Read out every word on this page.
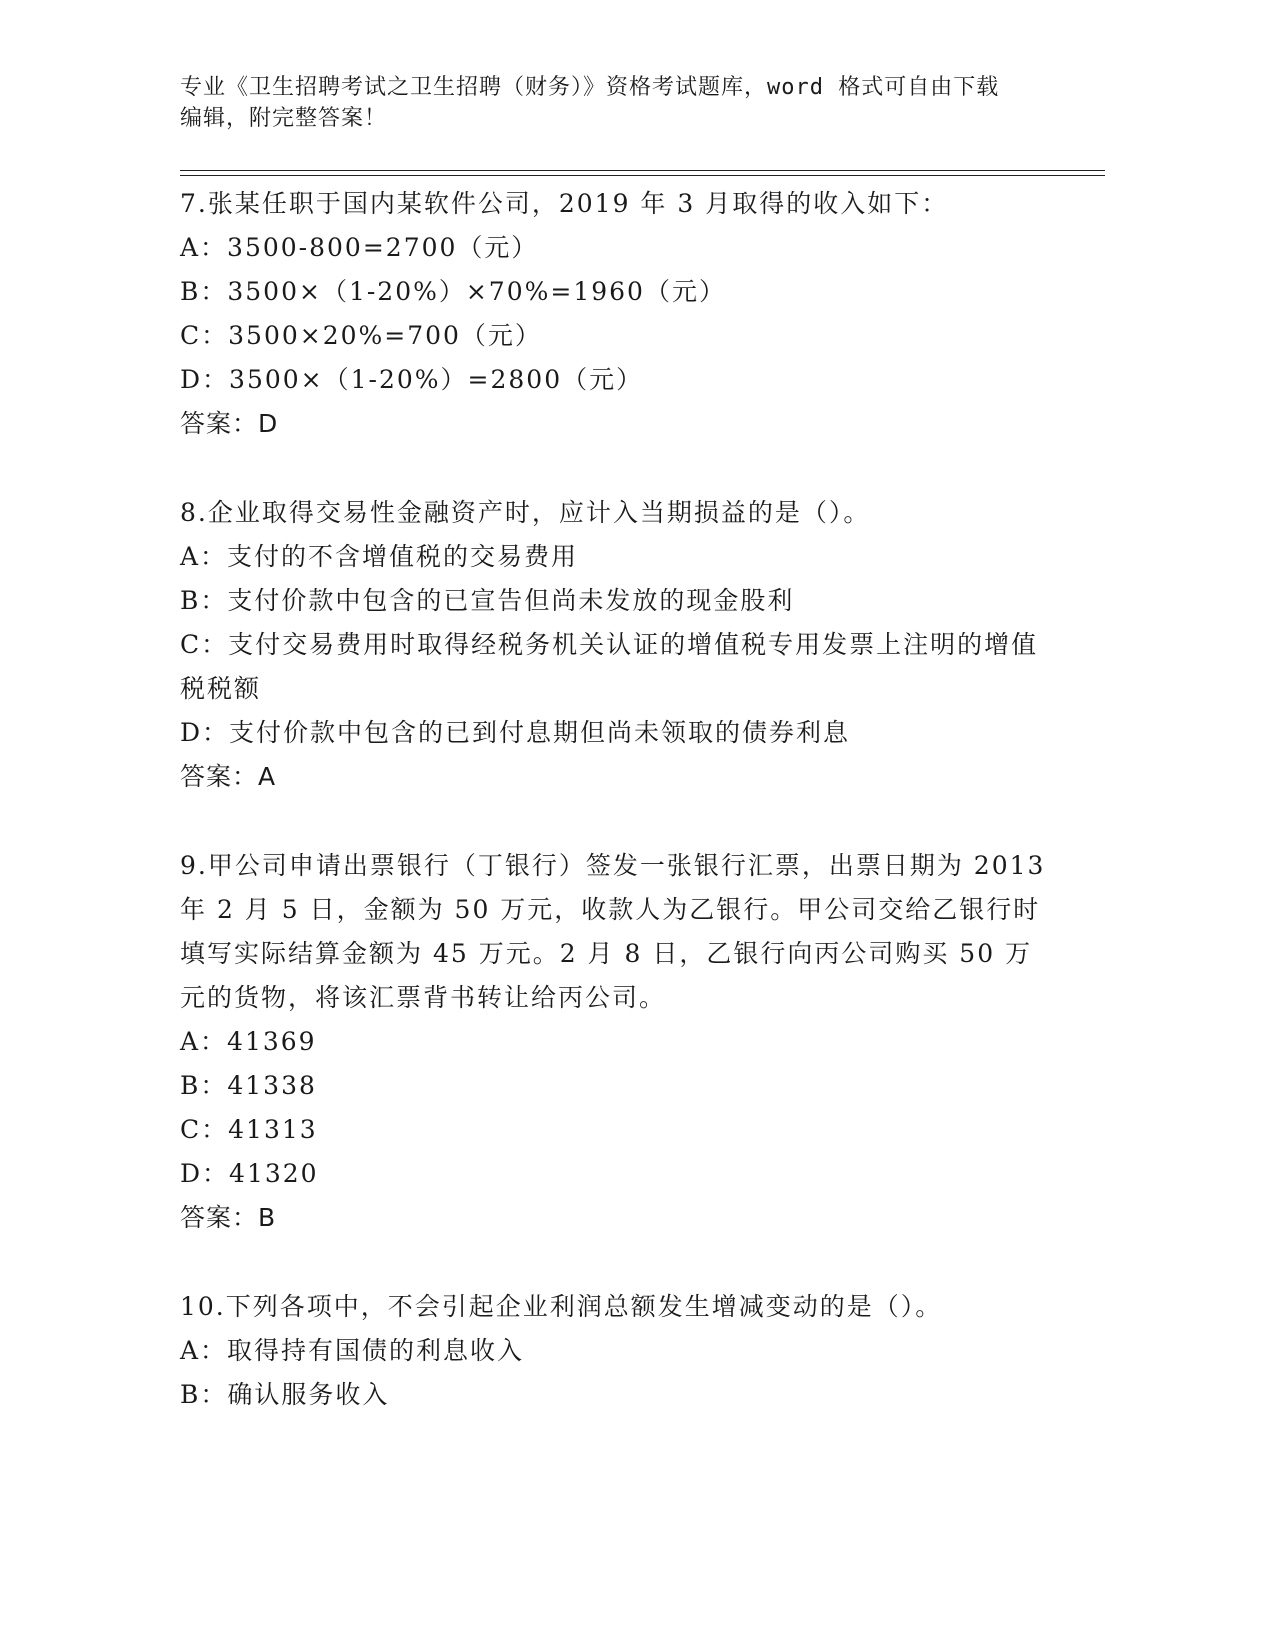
专业《卫生招聘考试之卫生招聘（财务）》资格考试题库，word 格式可自由下载
编辑，附完整答案！

7.张某任职于国内某软件公司，2019 年 3 月取得的收入如下：

A：3500-800=2700（元）

B：3500×（1-20%）×70%=1960（元）

C：3500×20%=700（元）

D：3500×（1-20%）=2800（元）

答案：D

8.企业取得交易性金融资产时，应计入当期损益的是（）。

A：支付的不含增值税的交易费用

B：支付价款中包含的已宣告但尚未发放的现金股利

C：支付交易费用时取得经税务机关认证的增值税专用发票上注明的增值税税额

D：支付价款中包含的已到付息期但尚未领取的债券利息

答案：A

9.甲公司申请出票银行（丁银行）签发一张银行汇票，出票日期为 2013 年 2 月 5 日，金额为 50 万元，收款人为乙银行。甲公司交给乙银行时填写实际结算金额为 45 万元。2 月 8 日，乙银行向丙公司购买 50 万元的货物，将该汇票背书转让给丙公司。

A：41369

B：41338

C：41313

D：41320

答案：B

10.下列各项中，不会引起企业利润总额发生增减变动的是（）。

A：取得持有国债的利息收入

B：确认服务收入
